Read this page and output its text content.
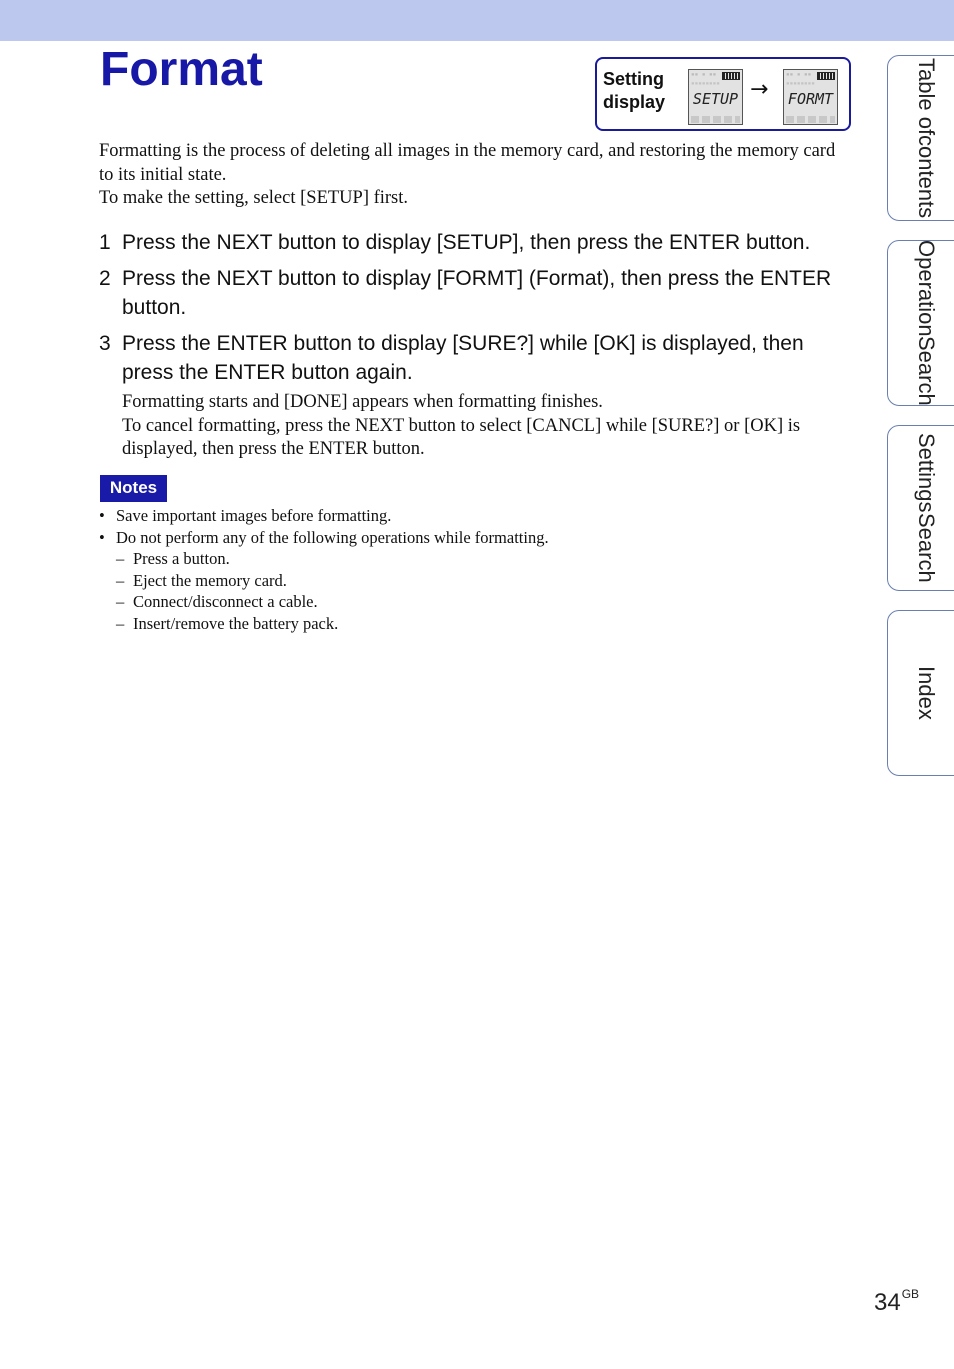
Format	Setting
display
▪▪ ▪ ▪▪
▪▪▪▪▪▪▪▪
SETUP →
▪▪ ▪ ▪▪
▪▪▪▪▪▪▪▪
FORMT

Formatting is the process of deleting all images in the memory card, and restoring the memory card to its initial state.

To make the setting, select [SETUP] first.

1 Press the NEXT button to display [SETUP], then press the ENTER button.
2 Press the NEXT button to display [FORMT] (Format), then press the ENTER button.
3 Press the ENTER button to display [SURE?] while [OK] is displayed, then press the ENTER button again.

Formatting starts and [DONE] appears when formatting finishes.

To cancel formatting, press the NEXT button to select [CANCL] while [SURE?] or [OK] is displayed, then press the ENTER button.

Notes
• Save important images before formatting.
• Do not perform any of the following operations while formatting.
– Press a button.
– Eject the memory card.
– Connect/disconnect a cable.
– Insert/remove the battery pack.
Table of
contents
Operation
Search
Settings
Search
Index
$34^{GB}$
